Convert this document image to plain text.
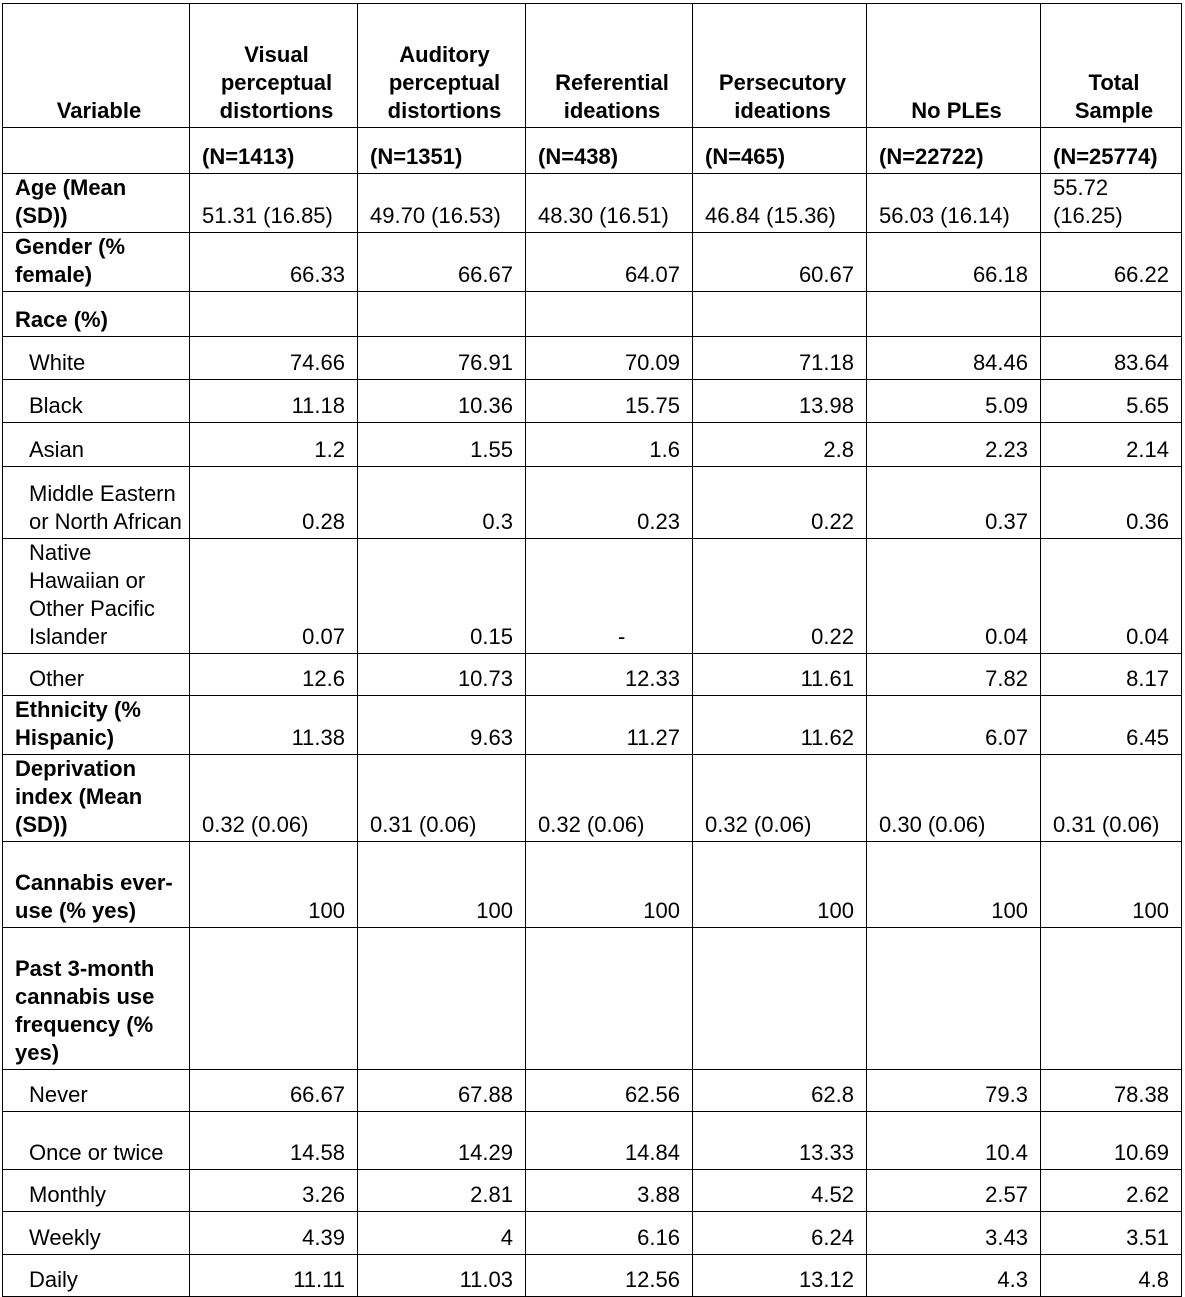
Variable	Visual perceptual distortions	Auditory perceptual distortions	Referential ideations	Persecutory ideations	No PLEs	Total Sample
	(N=1413)	(N=1351)	(N=438)	(N=465)	(N=22722)	(N=25774)
Age (Mean (SD))	51.31 (16.85)	49.70 (16.53)	48.30 (16.51)	46.84 (15.36)	56.03 (16.14)	55.72 (16.25)
Gender (% female)	66.33	66.67	64.07	60.67	66.18	66.22
Race (%)						
White	74.66	76.91	70.09	71.18	84.46	83.64
Black	11.18	10.36	15.75	13.98	5.09	5.65
Asian	1.2	1.55	1.6	2.8	2.23	2.14
Middle Eastern or North African	0.28	0.3	0.23	0.22	0.37	0.36
Native Hawaiian or Other Pacific Islander	0.07	0.15	-	0.22	0.04	0.04
Other	12.6	10.73	12.33	11.61	7.82	8.17
Ethnicity (% Hispanic)	11.38	9.63	11.27	11.62	6.07	6.45
Deprivation index (Mean (SD))	0.32 (0.06)	0.31 (0.06)	0.32 (0.06)	0.32 (0.06)	0.30 (0.06)	0.31 (0.06)
Cannabis ever-use (% yes)	100	100	100	100	100	100
Past 3-month cannabis use frequency (% yes)						
Never	66.67	67.88	62.56	62.8	79.3	78.38
Once or twice	14.58	14.29	14.84	13.33	10.4	10.69
Monthly	3.26	2.81	3.88	4.52	2.57	2.62
Weekly	4.39	4	6.16	6.24	3.43	3.51
Daily	11.11	11.03	12.56	13.12	4.3	4.8
